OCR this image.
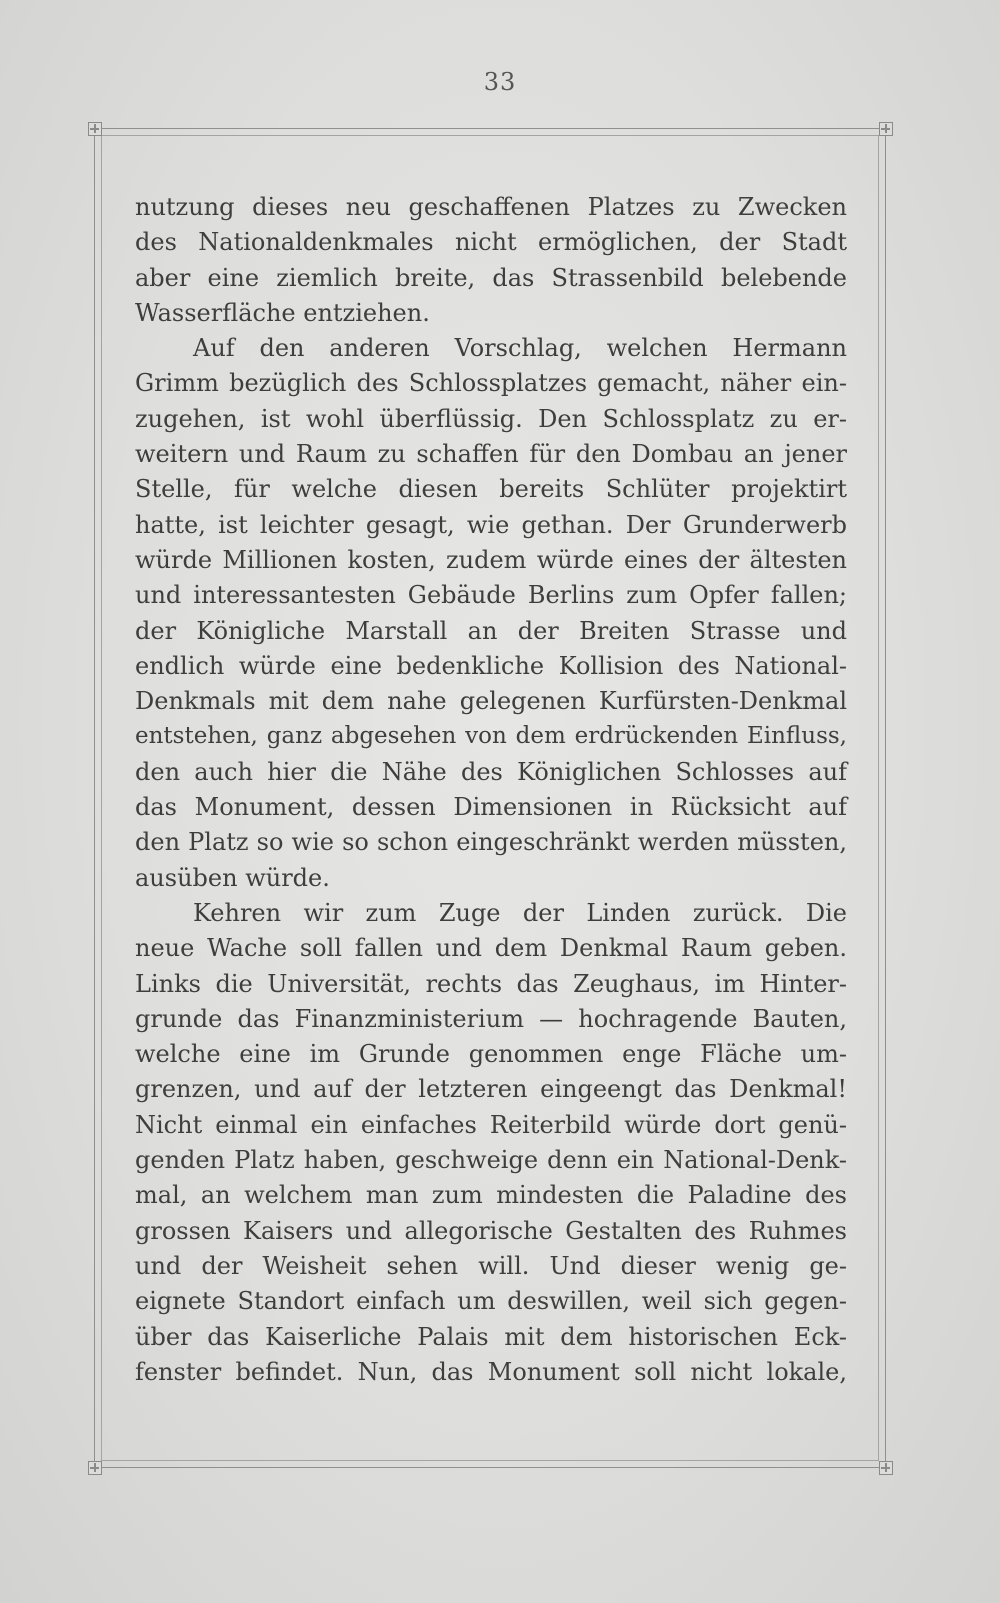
33
nutzung dieses neu geschaffenen Platzes zu Zwecken
des Nationaldenkmales nicht ermöglichen, der Stadt
aber eine ziemlich breite, das Strassenbild belebende
Wasserfläche entziehen.
Auf den anderen Vorschlag, welchen Hermann
Grimm bezüglich des Schlossplatzes gemacht, näher ein-
zugehen, ist wohl überflüssig. Den Schlossplatz zu er-
weitern und Raum zu schaffen für den Dombau an jener
Stelle, für welche diesen bereits Schlüter projektirt
hatte, ist leichter gesagt, wie gethan. Der Grunderwerb
würde Millionen kosten, zudem würde eines der ältesten
und interessantesten Gebäude Berlins zum Opfer fallen;
der Königliche Marstall an der Breiten Strasse und
endlich würde eine bedenkliche Kollision des National-
Denkmals mit dem nahe gelegenen Kurfürsten-Denkmal
entstehen, ganz abgesehen von dem erdrückenden Einfluss,
den auch hier die Nähe des Königlichen Schlosses auf
das Monument, dessen Dimensionen in Rücksicht auf
den Platz so wie so schon eingeschränkt werden müssten,
ausüben würde.
Kehren wir zum Zuge der Linden zurück. Die
neue Wache soll fallen und dem Denkmal Raum geben.
Links die Universität, rechts das Zeughaus, im Hinter-
grunde das Finanzministerium — hochragende Bauten,
welche eine im Grunde genommen enge Fläche um-
grenzen, und auf der letzteren eingeengt das Denkmal!
Nicht einmal ein einfaches Reiterbild würde dort genü-
genden Platz haben, geschweige denn ein National-Denk-
mal, an welchem man zum mindesten die Paladine des
grossen Kaisers und allegorische Gestalten des Ruhmes
und der Weisheit sehen will. Und dieser wenig ge-
eignete Standort einfach um deswillen, weil sich gegen-
über das Kaiserliche Palais mit dem historischen Eck-
fenster befindet. Nun, das Monument soll nicht lokale,
